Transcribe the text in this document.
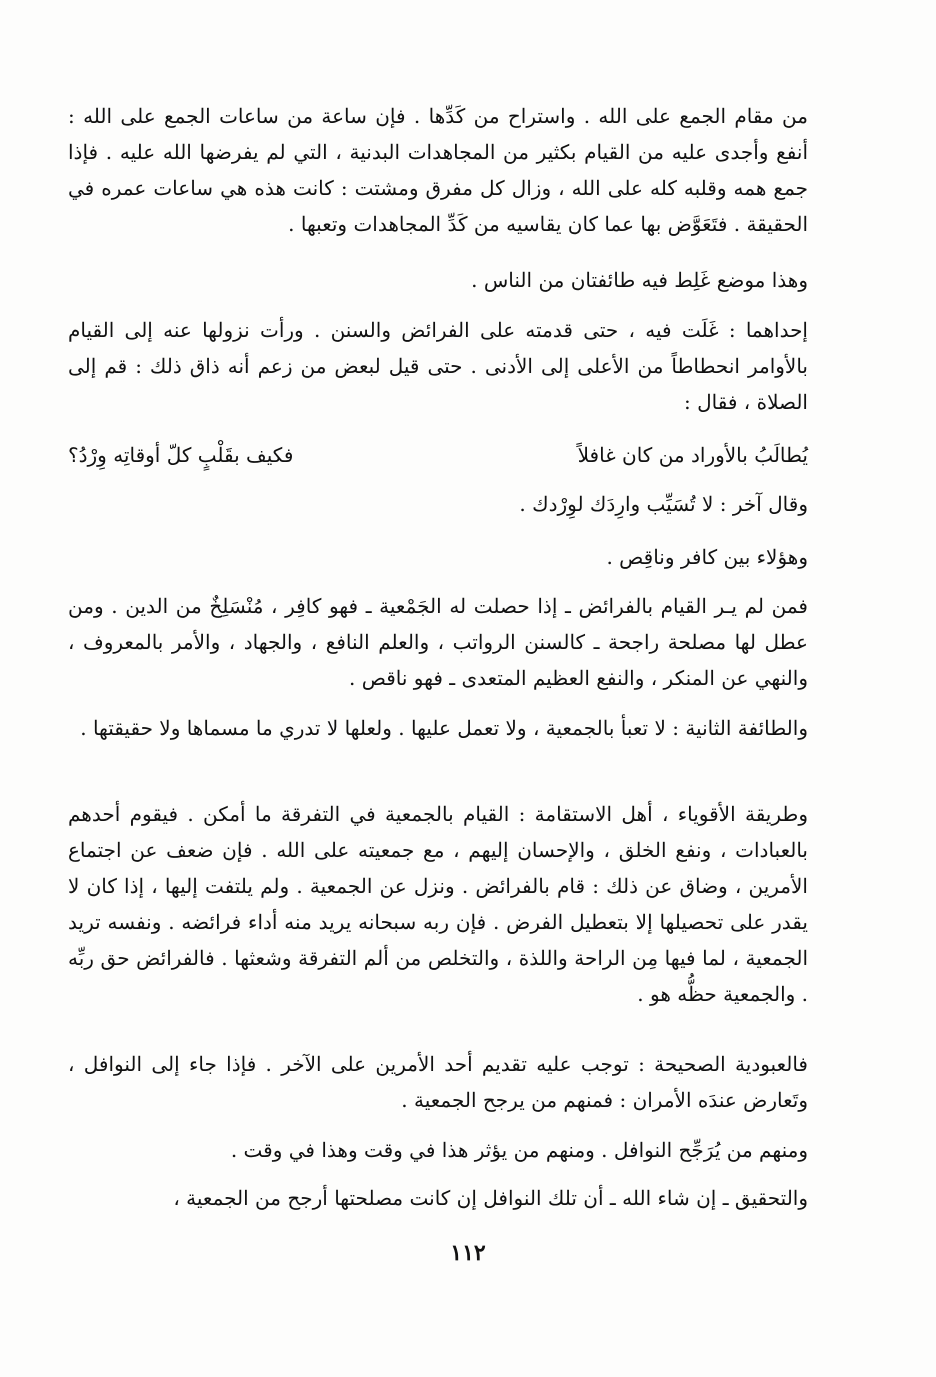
من مقام الجمع على الله . واستراح من كَدِّها . فإن ساعة من ساعات الجمع على الله : أنفع وأجدى عليه من القيام بكثير من المجاهدات البدنية ، التي لم يفرضها الله عليه . فإذا جمع همه وقلبه كله على الله ، وزال كل مفرق ومشتت : كانت هذه هي ساعات عمره في الحقيقة . فتَعَوَّض بها عما كان يقاسيه من كَدِّ المجاهدات وتعبها .

وهذا موضع غَلِط فيه طائفتان من الناس .

إحداهما : غَلَت فيه ، حتى قدمته على الفرائض والسنن . ورأت نزولها عنه إلى القيام بالأوامر انحطاطاً من الأعلى إلى الأدنى . حتى قيل لبعض من زعم أنه ذاق ذلك : قم إلى الصلاة ، فقال :

يُطالَبُ بالأوراد من كان غافلاً
فكيف بقَلْبٍ كلّ أوقاتِه وِرْدُ؟

وقال آخر : لا تُسَيِّب وارِدَك لوِرْدك .

وهؤلاء بين كافر وناقِص .

فمن لم يـر القيام بالفرائض ـ إذا حصلت له الجَمْعية ـ فهو كافِر ، مُنْسَلِخٌ من الدين . ومن عطل لها مصلحة راجحة ـ كالسنن الرواتب ، والعلم النافع ، والجهاد ، والأمر بالمعروف ، والنهي عن المنكر ، والنفع العظيم المتعدى ـ فهو ناقص .

والطائفة الثانية : لا تعبأ بالجمعية ، ولا تعمل عليها . ولعلها لا تدري ما مسماها ولا حقيقتها .

وطريقة الأقوياء ، أهل الاستقامة : القيام بالجمعية في التفرقة ما أمكن . فيقوم أحدهم بالعبادات ، ونفع الخلق ، والإحسان إليهم ، مع جمعيته على الله . فإن ضعف عن اجتماع الأمرين ، وضاق عن ذلك : قام بالفرائض . ونزل عن الجمعية . ولم يلتفت إليها ، إذا كان لا يقدر على تحصيلها إلا بتعطيل الفرض . فإن ربه سبحانه يريد منه أداء فرائضه . ونفسه تريد الجمعية ، لما فيها مِن الراحة واللذة ، والتخلص من ألم التفرقة وشعثها . فالفرائض حق ربِّه . والجمعية حظُّه هو .

فالعبودية الصحيحة : توجب عليه تقديم أحد الأمرين على الآخر . فإذا جاء إلى النوافل ، وتَعارض عندَه الأمران : فمنهم من يرجح الجمعية .

ومنهم من يُرَجِّح النوافل . ومنهم من يؤثر هذا في وقت وهذا في وقت .

والتحقيق ـ إن شاء الله ـ أن تلك النوافل إن كانت مصلحتها أرجح من الجمعية ،

١١٢
